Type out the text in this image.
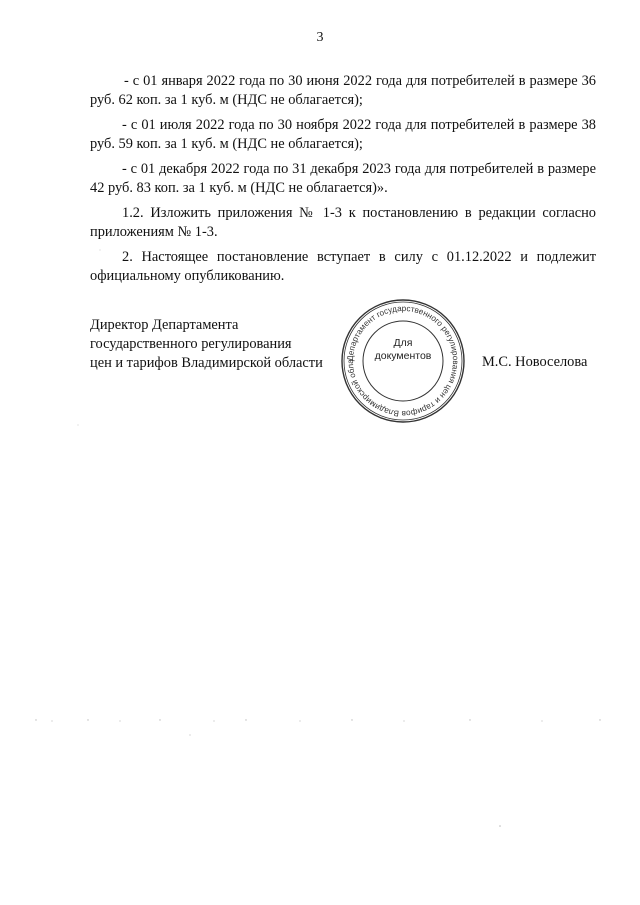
3

- с 01 января 2022 года по 30 июня 2022 года для потребителей в размере 36 руб. 62 коп. за 1 куб. м (НДС не облагается);

- с 01 июля 2022 года по 30 ноября 2022 года для потребителей в размере 38 руб. 59 коп. за 1 куб. м (НДС не облагается);

- с 01 декабря 2022 года по 31 декабря 2023 года для потребителей в размере 42 руб. 83 коп. за 1 куб. м (НДС не облагается)».

1.2. Изложить приложения № 1-3 к постановлению в редакции согласно приложениям № 1-3.

2. Настоящее постановление вступает в силу с 01.12.2022 и подлежит официальному опубликованию.

Директор Департамента
государственного регулирования
цен и тарифов Владимирской области	Департамент государственного регулирования цен и тарифов Владимирской обла
Для
документов	М.С. Новоселова
